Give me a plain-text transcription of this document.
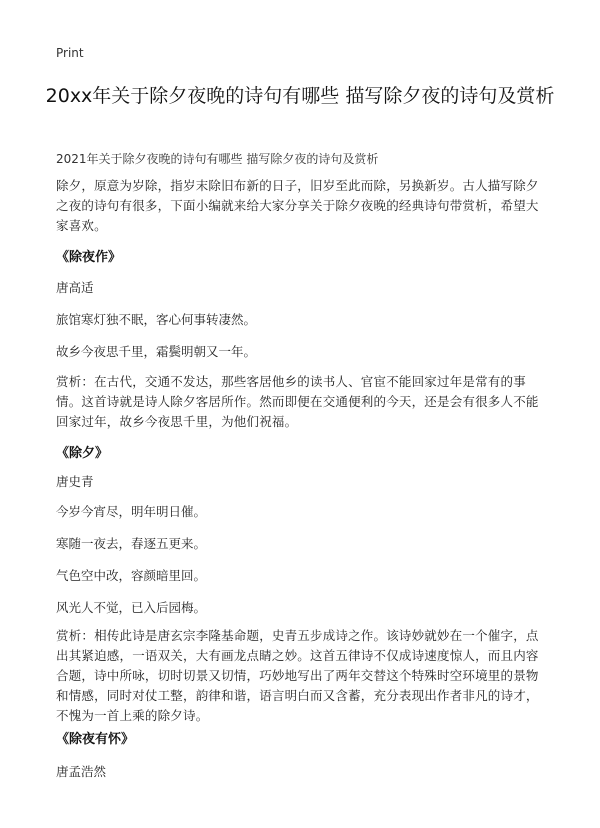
Print
20xx年关于除夕夜晚的诗句有哪些 描写除夕夜的诗句及赏析
2021年关于除夕夜晚的诗句有哪些 描写除夕夜的诗句及赏析
除夕，原意为岁除，指岁末除旧布新的日子，旧岁至此而除，另换新岁。古人描写除夕之夜的诗句有很多，下面小编就来给大家分享关于除夕夜晚的经典诗句带赏析，希望大家喜欢。
《除夜作》
唐高适
旅馆寒灯独不眠，客心何事转凄然。
故乡今夜思千里，霜鬓明朝又一年。
赏析：在古代，交通不发达，那些客居他乡的读书人、官宦不能回家过年是常有的事情。这首诗就是诗人除夕客居所作。然而即便在交通便利的今天，还是会有很多人不能回家过年，故乡今夜思千里，为他们祝福。
《除夕》
唐史青
今岁今宵尽，明年明日催。
寒随一夜去，春逐五更来。
气色空中改，容颜暗里回。
风光人不觉，已入后园梅。
赏析：相传此诗是唐玄宗李隆基命题，史青五步成诗之作。该诗妙就妙在一个催字，点出其紧迫感，一语双关，大有画龙点睛之妙。这首五律诗不仅成诗速度惊人，而且内容合题，诗中所咏，切时切景又切情，巧妙地写出了两年交替这个特殊时空环境里的景物和情感，同时对仗工整，韵律和谐，语言明白而又含蓄，充分表现出作者非凡的诗才，不愧为一首上乘的除夕诗。
《除夜有怀》
唐孟浩然
